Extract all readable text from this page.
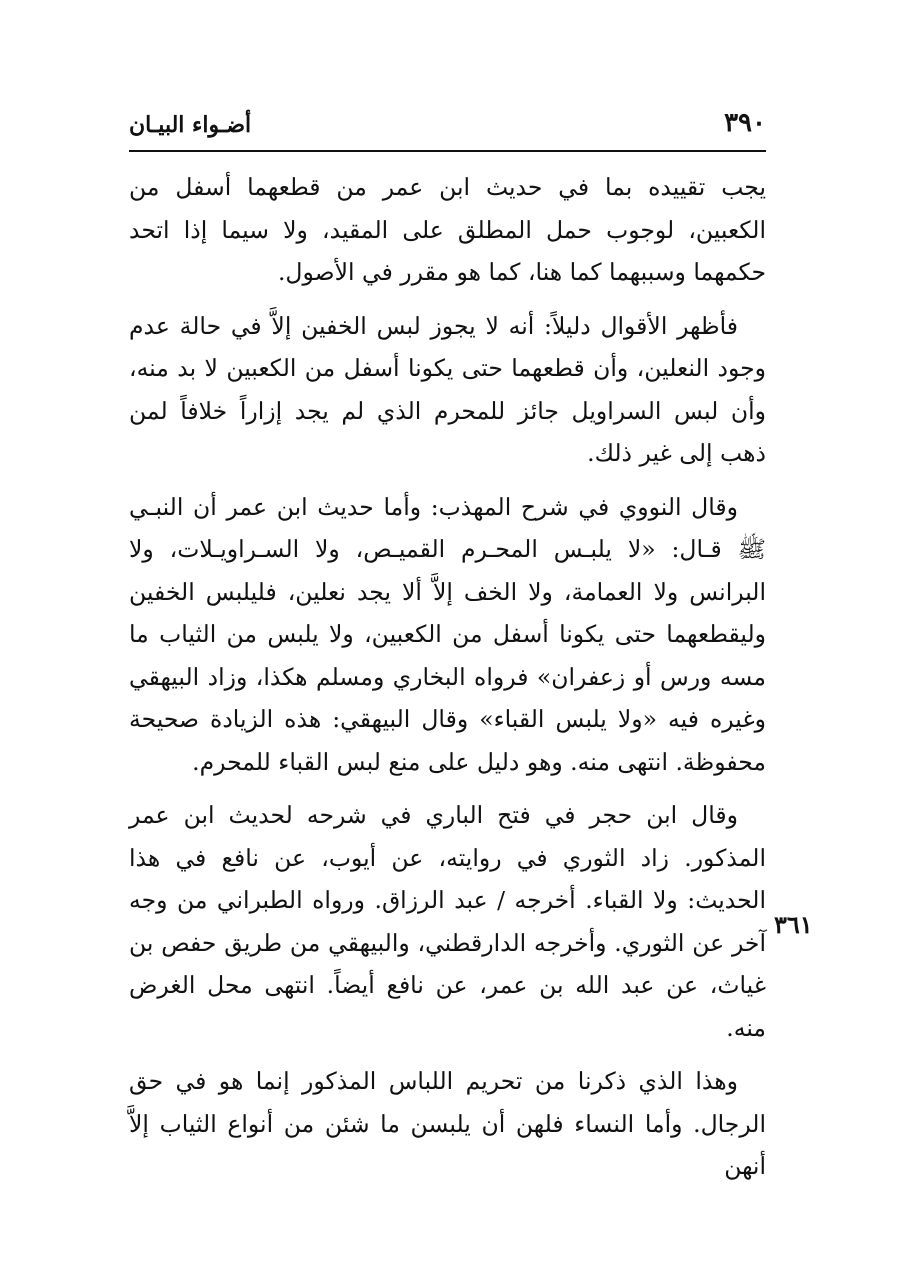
٣٩٠
أضـواء البيـان

يجب تقييده بما في حديث ابن عمر من قطعهما أسفل من الكعبين، لوجوب حمل المطلق على المقيد، ولا سيما إذا اتحد حكمهما وسببهما كما هنا، كما هو مقرر في الأصول.

فأظهر الأقوال دليلاً: أنه لا يجوز لبس الخفين إلاَّ في حالة عدم وجود النعلين، وأن قطعهما حتى يكونا أسفل من الكعبين لا بد منه، وأن لبس السراويل جائز للمحرم الذي لم يجد إزاراً خلافاً لمن ذهب إلى غير ذلك.

وقال النووي في شرح المهذب: وأما حديث ابن عمر أن النبـي ﷺ قـال: «لا يلبـس المحـرم القميـص، ولا السـراويـلات، ولا البرانس ولا العمامة، ولا الخف إلاَّ ألا يجد نعلين، فليلبس الخفين وليقطعهما حتى يكونا أسفل من الكعبين، ولا يلبس من الثياب ما مسه ورس أو زعفران» فرواه البخاري ومسلم هكذا، وزاد البيهقي وغيره فيه «ولا يلبس القباء» وقال البيهقي: هذه الزيادة صحيحة محفوظة. انتهى منه. وهو دليل على منع لبس القباء للمحرم.

وقال ابن حجر في فتح الباري في شرحه لحديث ابن عمر المذكور. زاد الثوري في روايته، عن أيوب، عن نافع في هذا الحديث: ولا القباء. أخرجه / عبد الرزاق. ورواه الطبراني من وجه آخر عن الثوري. وأخرجه الدارقطني، والبيهقي من طريق حفص بن غياث، عن عبد الله بن عمر، عن نافع أيضاً. انتهى محل الغرض منه.

وهذا الذي ذكرنا من تحريم اللباس المذكور إنما هو في حق الرجال. وأما النساء فلهن أن يلبسن ما شئن من أنواع الثياب إلاَّ أنهن

٣٦١
